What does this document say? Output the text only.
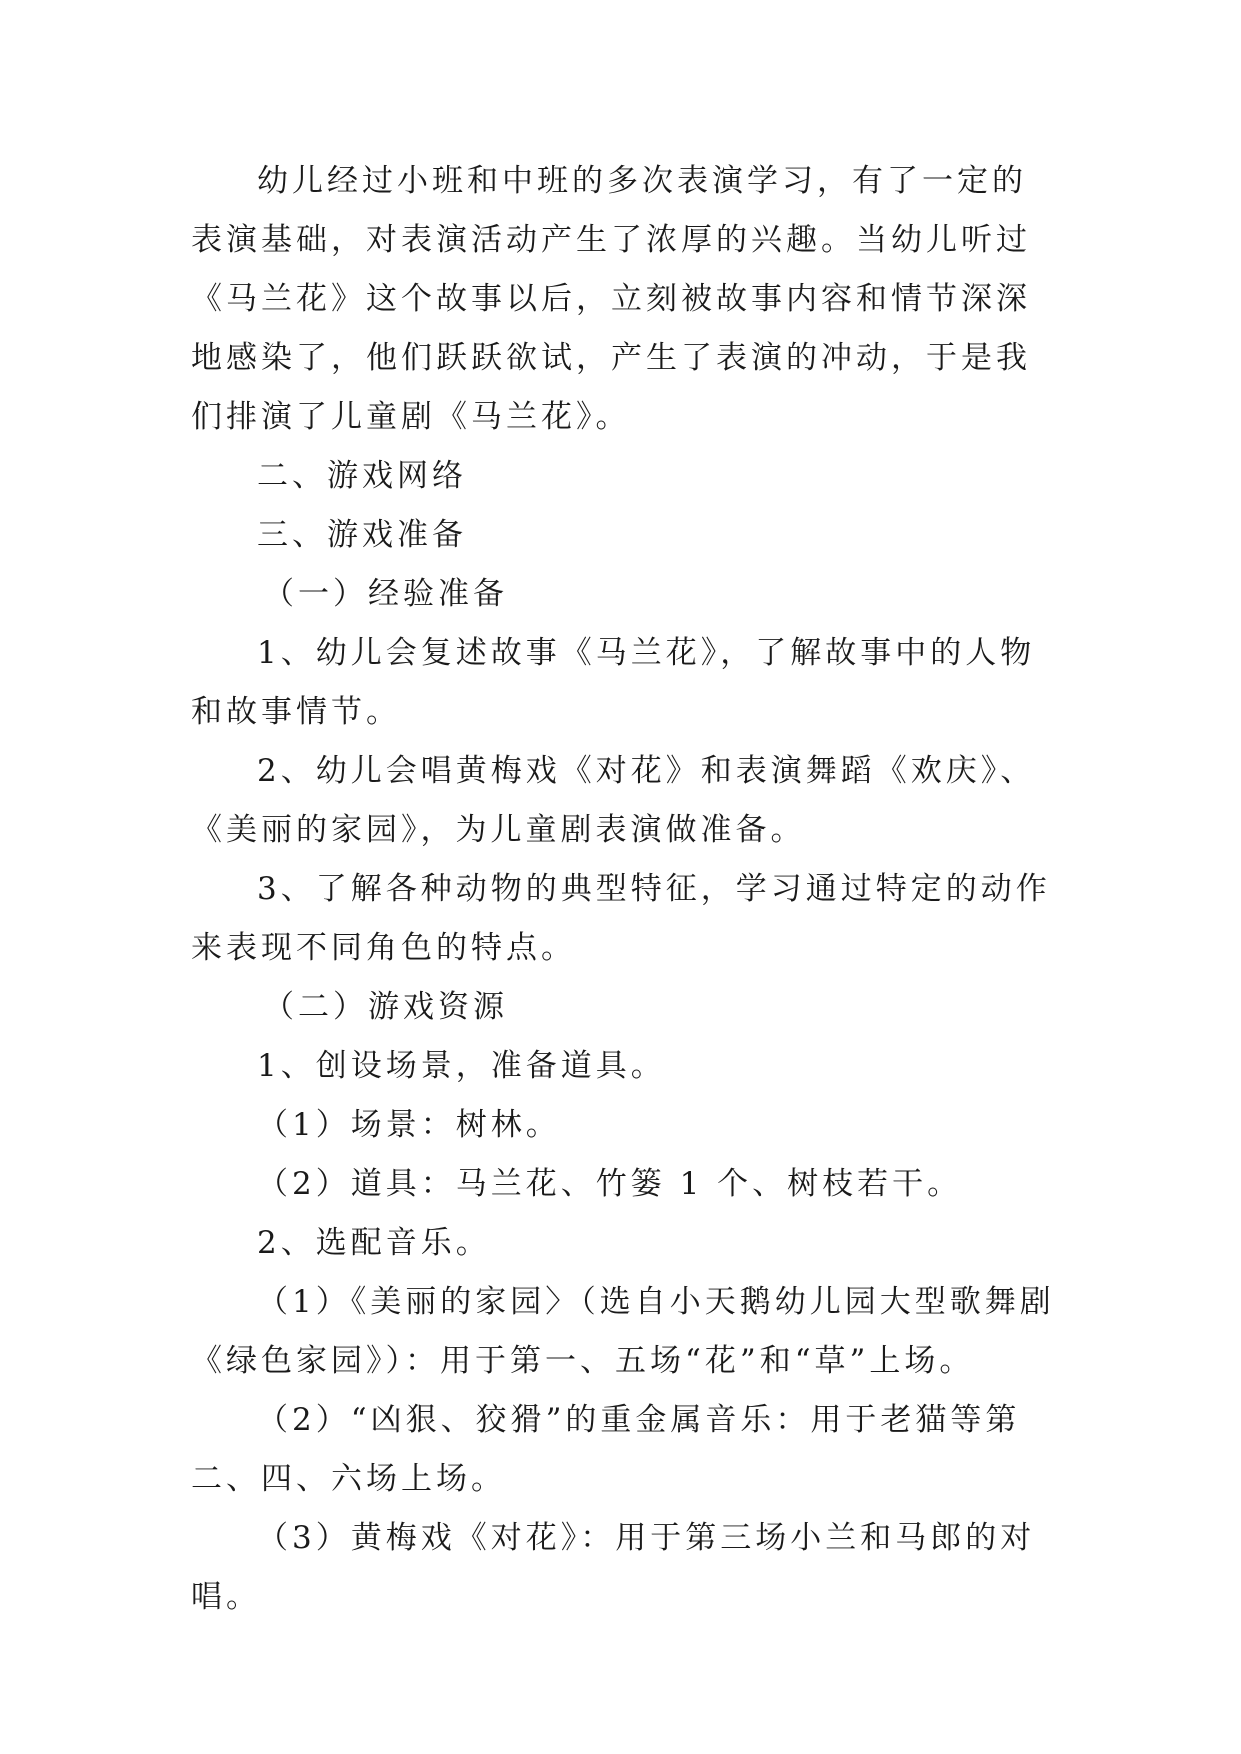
幼儿经过小班和中班的多次表演学习，有了一定的表演基础，对表演活动产生了浓厚的兴趣。当幼儿听过《马兰花》这个故事以后，立刻被故事内容和情节深深地感染了，他们跃跃欲试，产生了表演的冲动，于是我们排演了儿童剧《马兰花》。

二、游戏网络

三、游戏准备

（一）经验准备

1、幼儿会复述故事《马兰花》，了解故事中的人物和故事情节。

2、幼儿会唱黄梅戏《对花》和表演舞蹈《欢庆》、《美丽的家园》，为儿童剧表演做准备。

3、了解各种动物的典型特征，学习通过特定的动作来表现不同角色的特点。

（二）游戏资源

1、创设场景，准备道具。

（1）场景：树林。

（2）道具：马兰花、竹篓 1 个、树枝若干。

2、选配音乐。

（1）《美丽的家园〉（选自小天鹅幼儿园大型歌舞剧《绿色家园》）：用于第一、五场“花”和“草”上场。

（2）“凶狠、狡猾”的重金属音乐：用于老猫等第二、四、六场上场。

（3）黄梅戏《对花》：用于第三场小兰和马郎的对唱。
